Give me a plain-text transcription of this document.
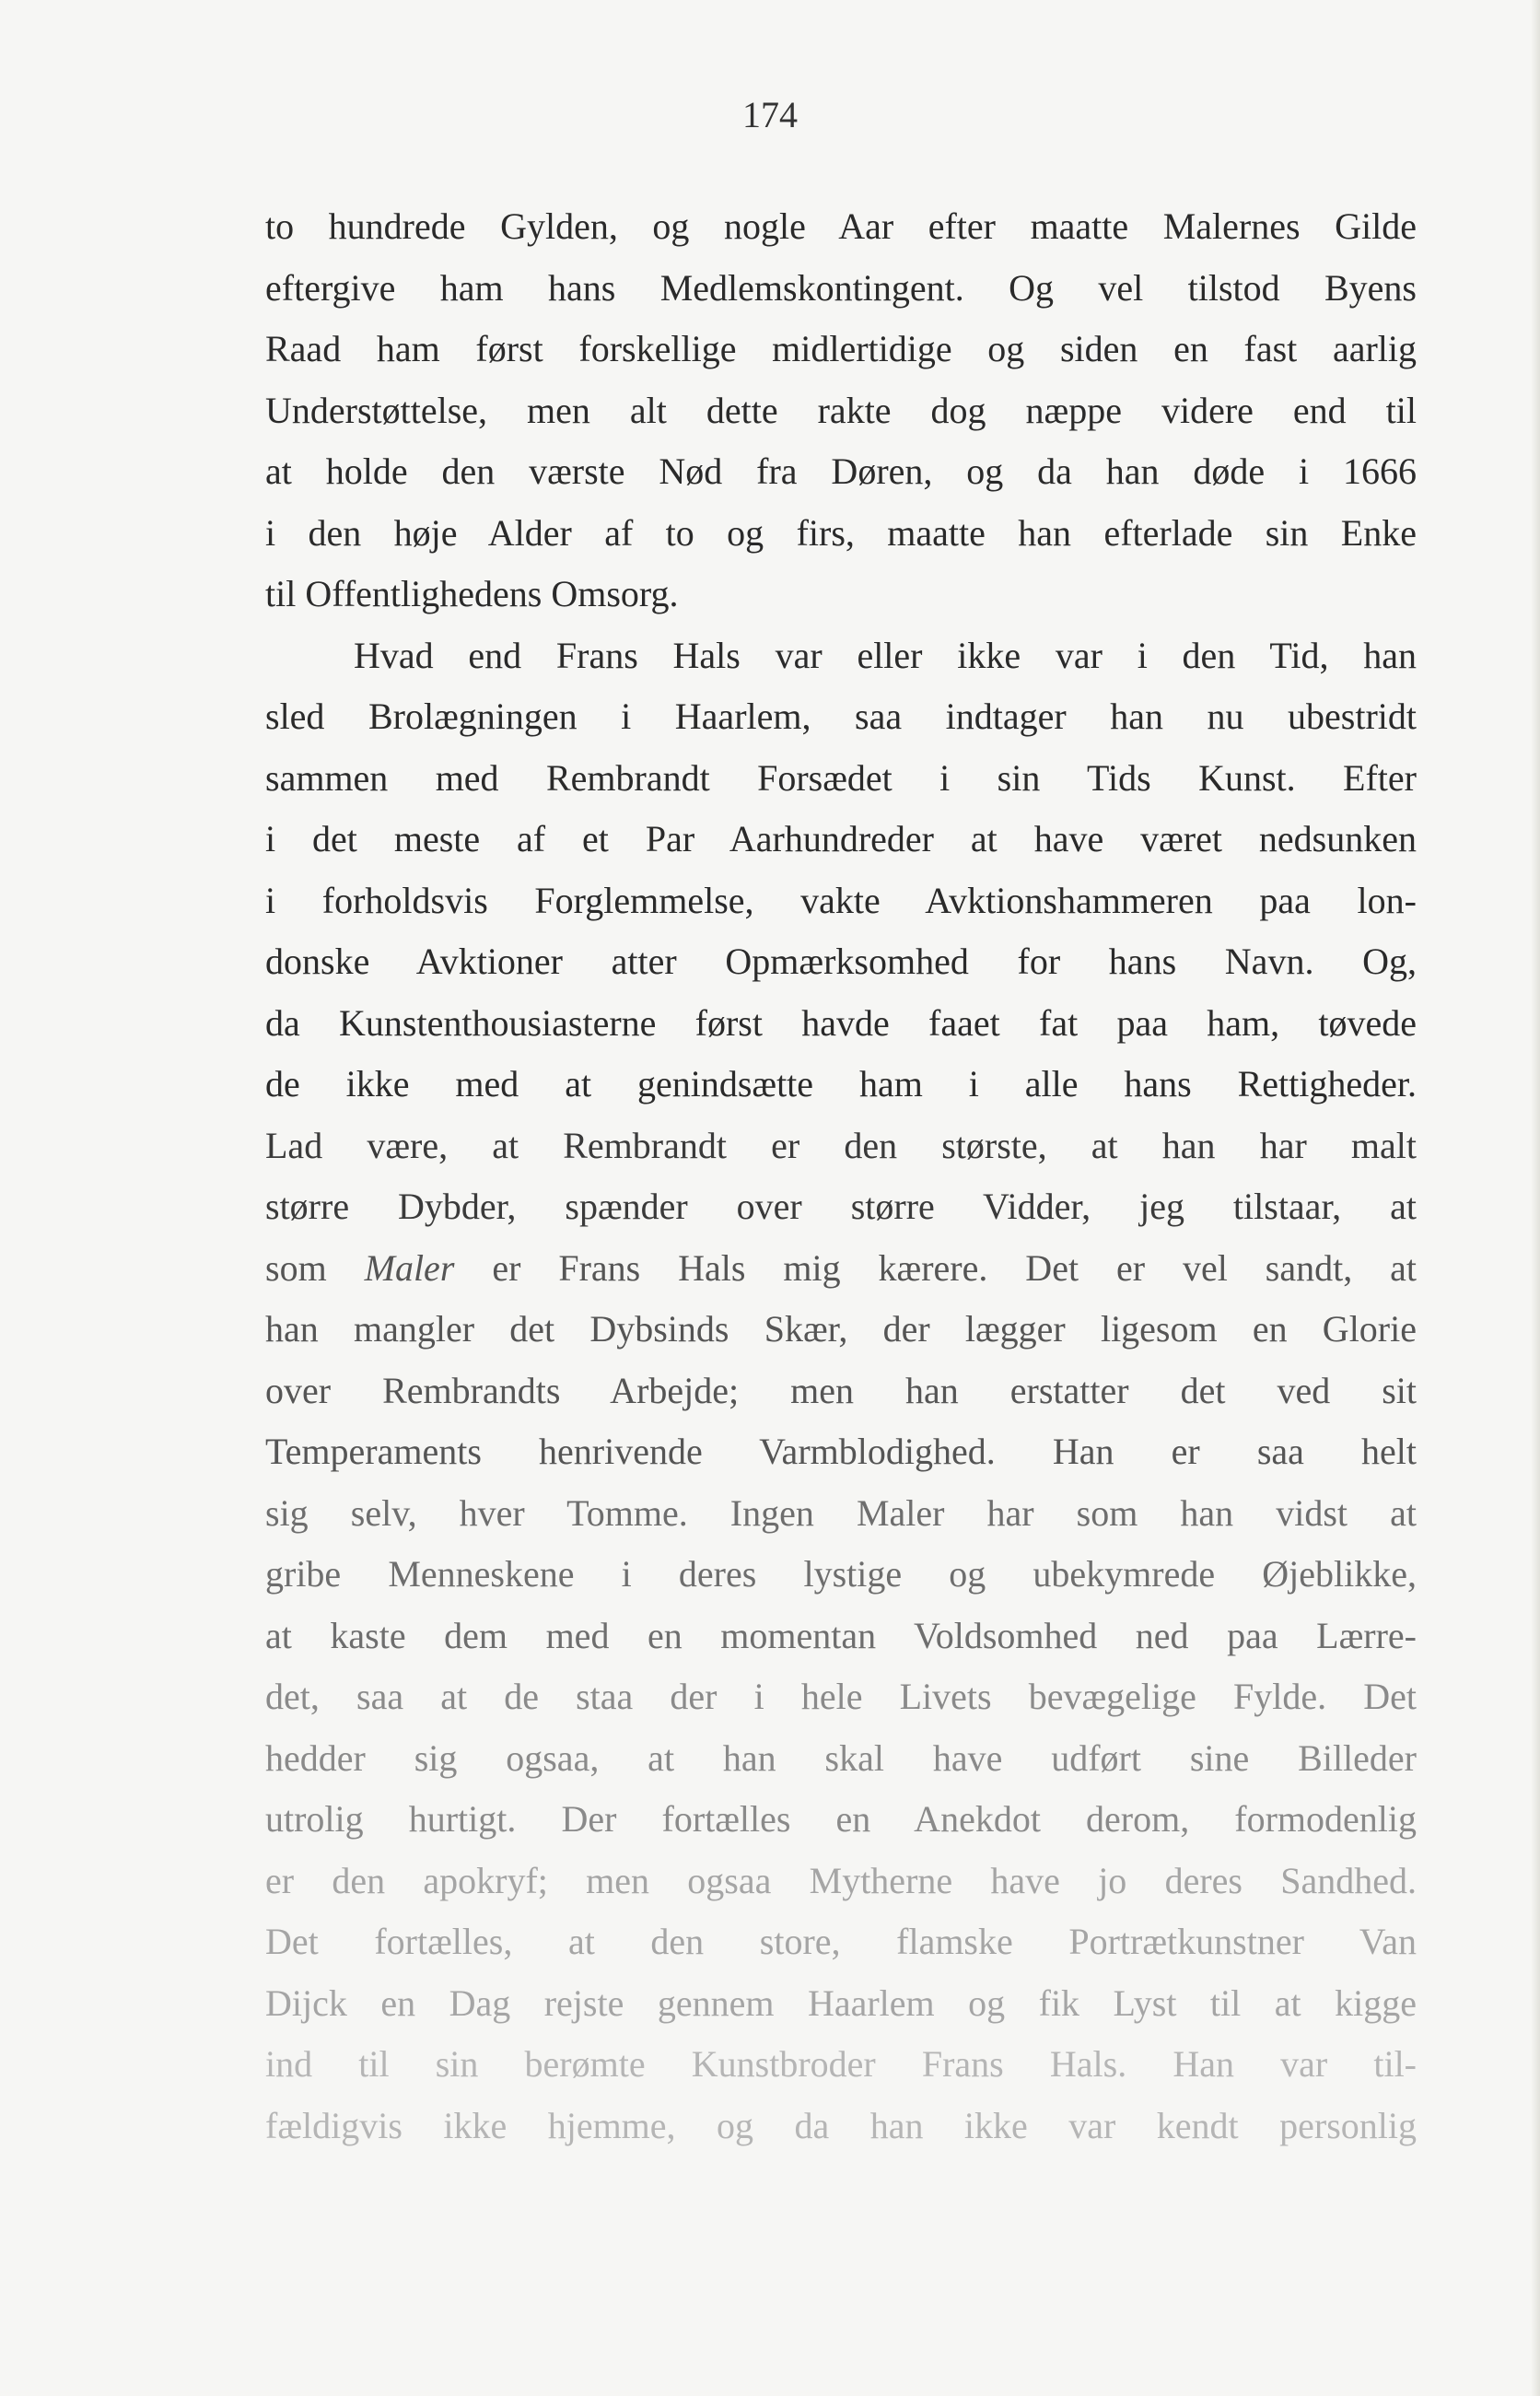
174
to hundrede Gylden, og nogle Aar efter maatte Malernes Gilde
eftergive ham hans Medlemskontingent. Og vel tilstod Byens
Raad ham først forskellige midlertidige og siden en fast aarlig
Understøttelse, men alt dette rakte dog næppe videre end til
at holde den værste Nød fra Døren, og da han døde i 1666
i den høje Alder af to og firs, maatte han efterlade sin Enke
til Offentlighedens Omsorg.
Hvad end Frans Hals var eller ikke var i den Tid, han
sled Brolægningen i Haarlem, saa indtager han nu ubestridt
sammen med Rembrandt Forsædet i sin Tids Kunst. Efter
i det meste af et Par Aarhundreder at have været nedsunken
i forholdsvis Forglemmelse, vakte Avktionshammeren paa lon-
donske Avktioner atter Opmærksomhed for hans Navn. Og,
da Kunstenthousiasterne først havde faaet fat paa ham, tøvede
de ikke med at genindsætte ham i alle hans Rettigheder.
Lad være, at Rembrandt er den største, at han har malt
større Dybder, spænder over større Vidder, jeg tilstaar, at
som Maler er Frans Hals mig kærere. Det er vel sandt, at
han mangler det Dybsinds Skær, der lægger ligesom en Glorie
over Rembrandts Arbejde; men han erstatter det ved sit
Temperaments henrivende Varmblodighed. Han er saa helt
sig selv, hver Tomme. Ingen Maler har som han vidst at
gribe Menneskene i deres lystige og ubekymrede Øjeblikke,
at kaste dem med en momentan Voldsomhed ned paa Lærre-
det, saa at de staa der i hele Livets bevægelige Fylde. Det
hedder sig ogsaa, at han skal have udført sine Billeder
utrolig hurtigt. Der fortælles en Anekdot derom, formodenlig
er den apokryf; men ogsaa Mytherne have jo deres Sandhed.
Det fortælles, at den store, flamske Portrætkunstner Van
Dijck en Dag rejste gennem Haarlem og fik Lyst til at kigge
ind til sin berømte Kunstbroder Frans Hals. Han var til-
fældigvis ikke hjemme, og da han ikke var kendt personlig
